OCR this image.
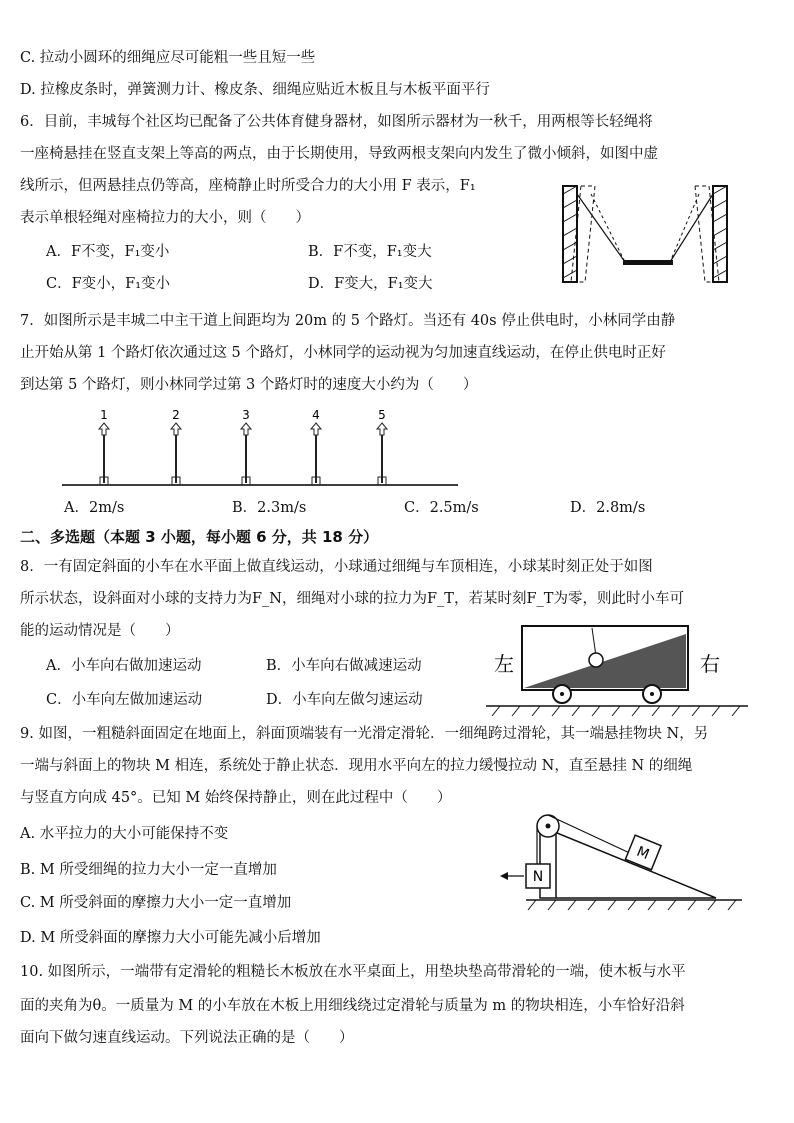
C. 拉动小圆环的细绳应尽可能粗一些且短一些
D. 拉橡皮条时，弹簧测力计、橡皮条、细绳应贴近木板且与木板平面平行
6．目前，丰城每个社区均已配备了公共体育健身器材，如图所示器材为一秋千，用两根等长轻绳将
一座椅悬挂在竖直支架上等高的两点，由于长期使用，导致两根支架向内发生了微小倾斜，如图中虚
线所示，但两悬挂点仍等高，座椅静止时所受合力的大小用 F 表示，F₁
表示单根轻绳对座椅拉力的大小，则（　　）
A．F不变，F₁变小	B．F不变，F₁变大
C．F变小，F₁变小	D．F变大，F₁变大
7．如图所示是丰城二中主干道上间距均为 20m 的 5 个路灯。当还有 40s 停止供电时，小林同学由静
止开始从第 1 个路灯依次通过这 5 个路灯，小林同学的运动视为匀加速直线运动，在停止供电时正好
到达第 5 个路灯，则小林同学过第 3 个路灯时的速度大小约为（　　）
1	2	3	4	5
A．2m/s	B．2.3m/s	C．2.5m/s	D．2.8m/s
二、多选题（本题 3 小题，每小题 6 分，共 18 分）
8．一有固定斜面的小车在水平面上做直线运动，小球通过细绳与车顶相连，小球某时刻正处于如图
所示状态，设斜面对小球的支持力为F_N，细绳对小球的拉力为F_T，若某时刻F_T为零，则此时小车可
能的运动情况是（　　）
A．小车向右做加速运动	B．小车向右做减速运动
C．小车向左做加速运动	D．小车向左做匀速运动
左	右
9. 如图，一粗糙斜面固定在地面上，斜面顶端装有一光滑定滑轮．一细绳跨过滑轮，其一端悬挂物块 N，另
一端与斜面上的物块 M 相连，系统处于静止状态．现用水平向左的拉力缓慢拉动 N，直至悬挂 N 的细绳
与竖直方向成 45°。已知 M 始终保持静止，则在此过程中（　　）
A. 水平拉力的大小可能保持不变
B. M 所受细绳的拉力大小一定一直增加
C. M 所受斜面的摩擦力大小一定一直增加
D. M 所受斜面的摩擦力大小可能先减小后增加
N
M
10. 如图所示，一端带有定滑轮的粗糙长木板放在水平桌面上，用垫块垫高带滑轮的一端，使木板与水平
面的夹角为θ。一质量为 M 的小车放在木板上用细线绕过定滑轮与质量为 m 的物块相连，小车恰好沿斜
面向下做匀速直线运动。下列说法正确的是（　　）
